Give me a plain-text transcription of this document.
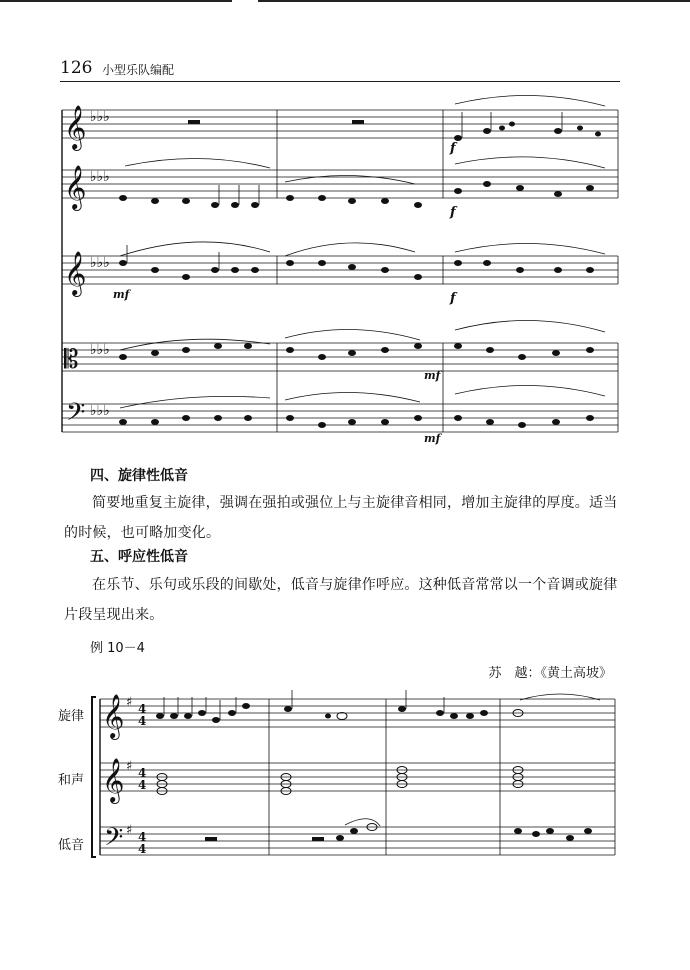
126 小型乐队编配
𝄞
𝄞
𝄞
𝄡
𝄢
♭♭♭
♭♭♭
♭♭♭
♭♭♭
♭♭♭
f
f
mf	f
mf
mf
四、旋律性低音
简要地重复主旋律，强调在强拍或强位上与主旋律音相同，增加主旋律的厚度。适当的时候，也可略加变化。
五、呼应性低音
在乐节、乐句或乐段的间歇处，低音与旋律作呼应。这种低音常常以一个音调或旋律片段呈现出来。
例 10－4
苏　越：《黄土高坡》
旋律
和声
低音
𝄞
𝄞
𝄢
♯
♯
♯
4
4
4
4
4
4
